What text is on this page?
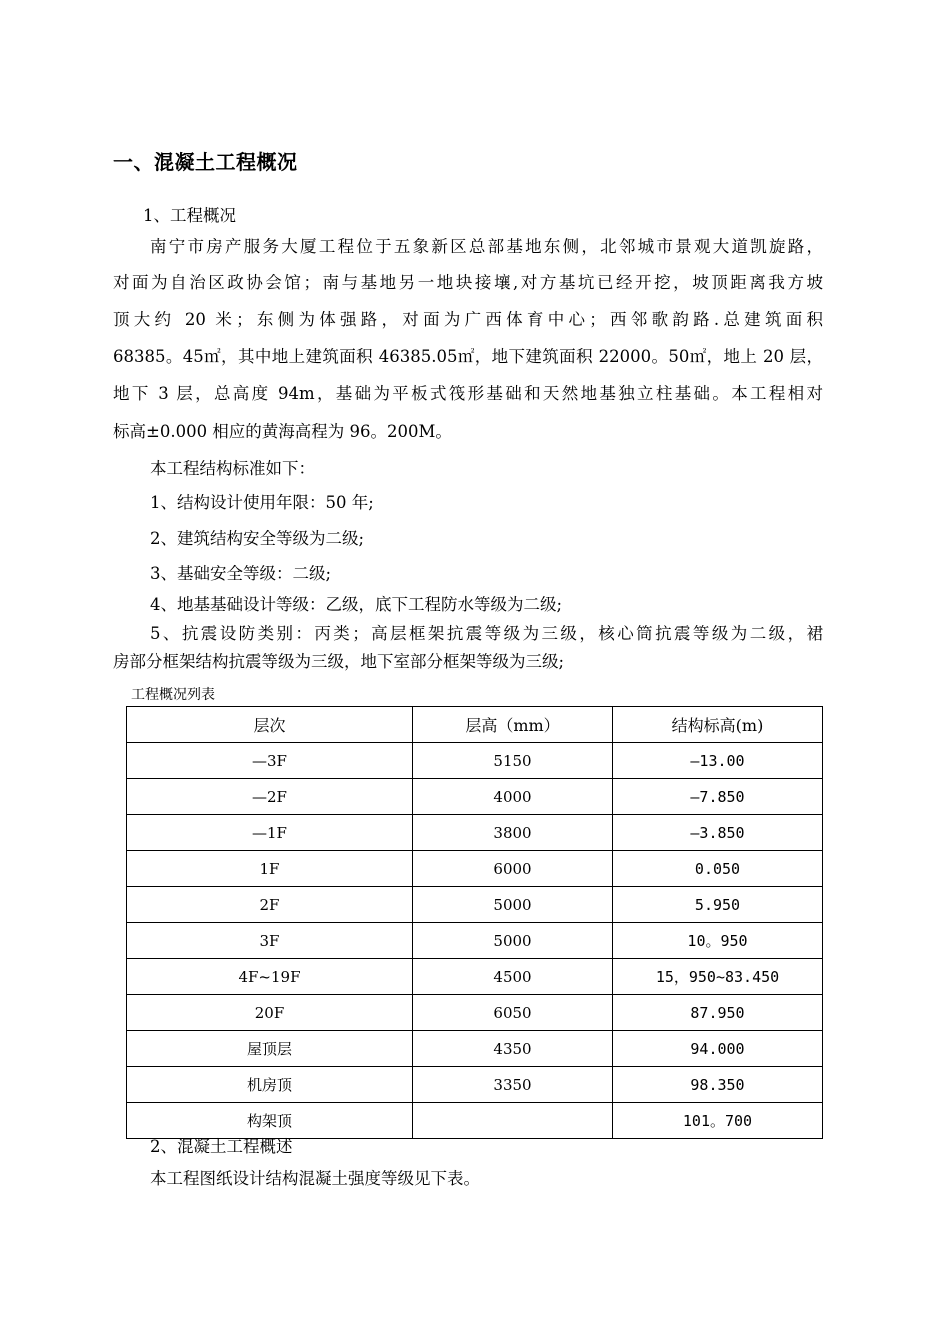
一、混凝土工程概况
1、工程概况
南宁市房产服务大厦工程位于五象新区总部基地东侧，北邻城市景观大道凯旋路，
对面为自治区政协会馆；南与基地另一地块接壤,对方基坑已经开挖，坡顶距离我方坡
顶大约 20 米；东侧为体强路，对面为广西体育中心；西邻歌韵路.总建筑面积
68385。45㎡，其中地上建筑面积 46385.05㎡，地下建筑面积 22000。50㎡，地上 20 层，
地下 3 层，总高度 94m，基础为平板式筏形基础和天然地基独立柱基础。本工程相对
标高±0.000 相应的黄海高程为 96。200M。
本工程结构标准如下：
1、结构设计使用年限：50 年;
2、建筑结构安全等级为二级;
3、基础安全等级：二级;
4、地基基础设计等级：乙级，底下工程防水等级为二级;
5、抗震设防类别：丙类；高层框架抗震等级为三级，核心筒抗震等级为二级，裙
房部分框架结构抗震等级为三级，地下室部分框架等级为三级;
工程概况列表
层次	层高（mm）	结构标高(m)
—3F	5150	—13.00
—2F	4000	—7.850
—1F	3800	—3.850
1F	6000	0.050
2F	5000	5.950
3F	5000	10。950
4F~19F	4500	15，950~83.450
20F	6050	87.950
屋顶层	4350	94.000
机房顶	3350	98.350
构架顶		101。700
2、混凝土工程概述
本工程图纸设计结构混凝土强度等级见下表。
